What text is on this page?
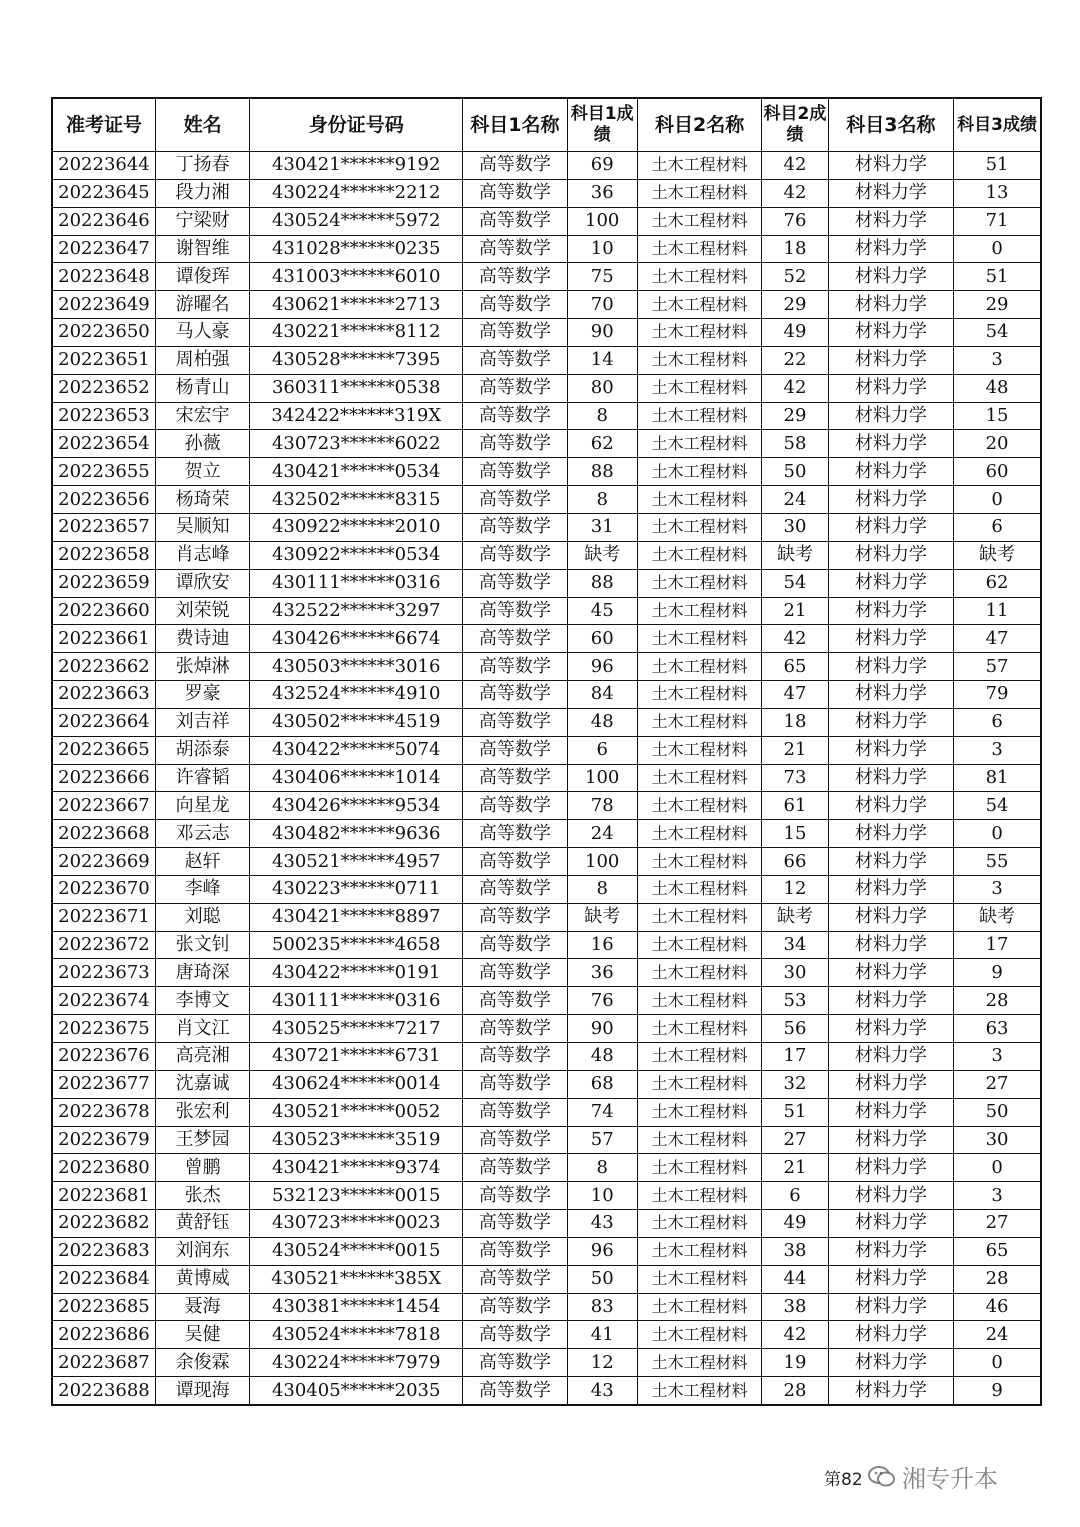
准考证号	姓名	身份证号码	科目1名称	科目1成绩	科目2名称	科目2成绩	科目3名称	科目3成绩
20223644	丁扬春	430421******9192	高等数学	69	土木工程材料	42	材料力学	51
20223645	段力湘	430224******2212	高等数学	36	土木工程材料	42	材料力学	13
20223646	宁梁财	430524******5972	高等数学	100	土木工程材料	76	材料力学	71
20223647	谢智维	431028******0235	高等数学	10	土木工程材料	18	材料力学	0
20223648	谭俊珲	431003******6010	高等数学	75	土木工程材料	52	材料力学	51
20223649	游曜名	430621******2713	高等数学	70	土木工程材料	29	材料力学	29
20223650	马人豪	430221******8112	高等数学	90	土木工程材料	49	材料力学	54
20223651	周柏强	430528******7395	高等数学	14	土木工程材料	22	材料力学	3
20223652	杨青山	360311******0538	高等数学	80	土木工程材料	42	材料力学	48
20223653	宋宏宇	342422******319X	高等数学	8	土木工程材料	29	材料力学	15
20223654	孙薇	430723******6022	高等数学	62	土木工程材料	58	材料力学	20
20223655	贺立	430421******0534	高等数学	88	土木工程材料	50	材料力学	60
20223656	杨琦荣	432502******8315	高等数学	8	土木工程材料	24	材料力学	0
20223657	吴顺知	430922******2010	高等数学	31	土木工程材料	30	材料力学	6
20223658	肖志峰	430922******0534	高等数学	缺考	土木工程材料	缺考	材料力学	缺考
20223659	谭欣安	430111******0316	高等数学	88	土木工程材料	54	材料力学	62
20223660	刘荣锐	432522******3297	高等数学	45	土木工程材料	21	材料力学	11
20223661	费诗迪	430426******6674	高等数学	60	土木工程材料	42	材料力学	47
20223662	张焯淋	430503******3016	高等数学	96	土木工程材料	65	材料力学	57
20223663	罗豪	432524******4910	高等数学	84	土木工程材料	47	材料力学	79
20223664	刘吉祥	430502******4519	高等数学	48	土木工程材料	18	材料力学	6
20223665	胡添泰	430422******5074	高等数学	6	土木工程材料	21	材料力学	3
20223666	许睿韬	430406******1014	高等数学	100	土木工程材料	73	材料力学	81
20223667	向星龙	430426******9534	高等数学	78	土木工程材料	61	材料力学	54
20223668	邓云志	430482******9636	高等数学	24	土木工程材料	15	材料力学	0
20223669	赵轩	430521******4957	高等数学	100	土木工程材料	66	材料力学	55
20223670	李峰	430223******0711	高等数学	8	土木工程材料	12	材料力学	3
20223671	刘聪	430421******8897	高等数学	缺考	土木工程材料	缺考	材料力学	缺考
20223672	张文钊	500235******4658	高等数学	16	土木工程材料	34	材料力学	17
20223673	唐琦深	430422******0191	高等数学	36	土木工程材料	30	材料力学	9
20223674	李博文	430111******0316	高等数学	76	土木工程材料	53	材料力学	28
20223675	肖文江	430525******7217	高等数学	90	土木工程材料	56	材料力学	63
20223676	高亮湘	430721******6731	高等数学	48	土木工程材料	17	材料力学	3
20223677	沈嘉诚	430624******0014	高等数学	68	土木工程材料	32	材料力学	27
20223678	张宏利	430521******0052	高等数学	74	土木工程材料	51	材料力学	50
20223679	王梦园	430523******3519	高等数学	57	土木工程材料	27	材料力学	30
20223680	曾鹏	430421******9374	高等数学	8	土木工程材料	21	材料力学	0
20223681	张杰	532123******0015	高等数学	10	土木工程材料	6	材料力学	3
20223682	黄舒钰	430723******0023	高等数学	43	土木工程材料	49	材料力学	27
20223683	刘润东	430524******0015	高等数学	96	土木工程材料	38	材料力学	65
20223684	黄博威	430521******385X	高等数学	50	土木工程材料	44	材料力学	28
20223685	聂海	430381******1454	高等数学	83	土木工程材料	38	材料力学	46
20223686	吴健	430524******7818	高等数学	41	土木工程材料	42	材料力学	24
20223687	余俊霖	430224******7979	高等数学	12	土木工程材料	19	材料力学	0
20223688	谭现海	430405******2035	高等数学	43	土木工程材料	28	材料力学	9
第82 湘专升本
